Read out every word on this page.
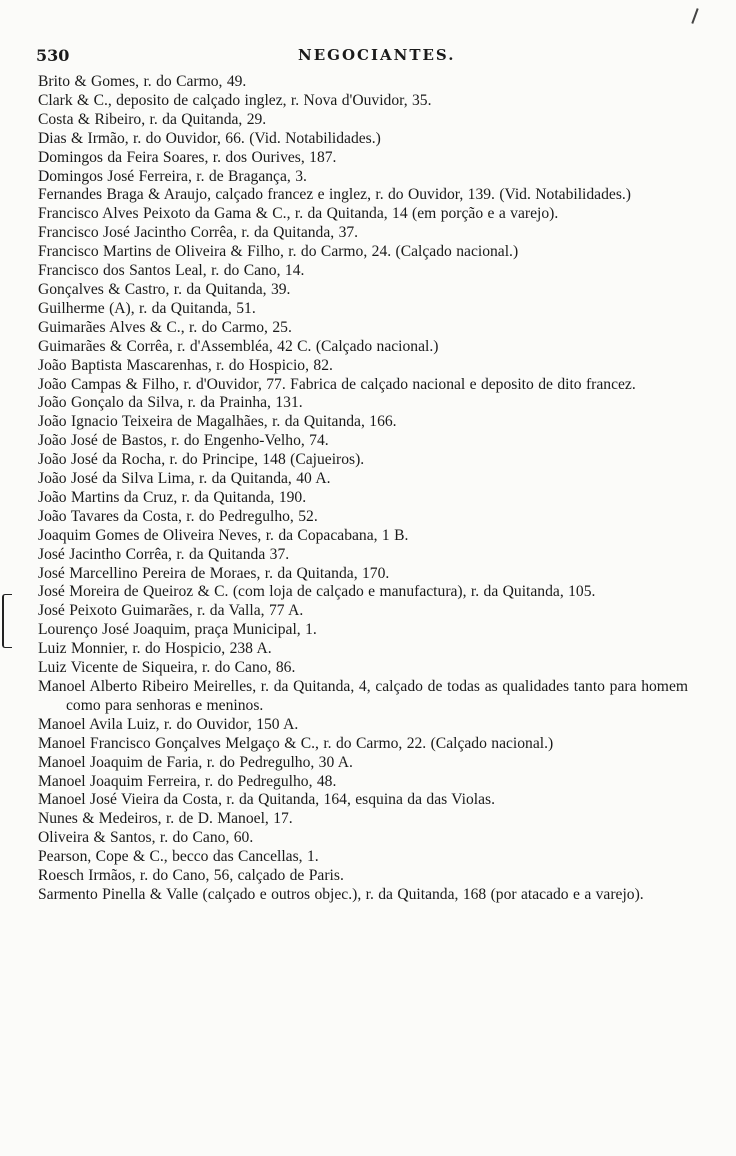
530	NEGOCIANTES.

Brito & Gomes, r. do Carmo, 49.

Clark & C., deposito de calçado inglez, r. Nova d'Ouvidor, 35.

Costa & Ribeiro, r. da Quitanda, 29.

Dias & Irmão, r. do Ouvidor, 66. (Vid. Notabilidades.)

Domingos da Feira Soares, r. dos Ourives, 187.

Domingos José Ferreira, r. de Bragança, 3.

Fernandes Braga & Araujo, calçado francez e inglez, r. do Ouvidor, 139. (Vid. Notabilidades.)

Francisco Alves Peixoto da Gama & C., r. da Quitanda, 14 (em porção e a varejo).

Francisco José Jacintho Corrêa, r. da Quitanda, 37.

Francisco Martins de Oliveira & Filho, r. do Carmo, 24. (Calçado nacional.)

Francisco dos Santos Leal, r. do Cano, 14.

Gonçalves & Castro, r. da Quitanda, 39.

Guilherme (A), r. da Quitanda, 51.

Guimarães Alves & C., r. do Carmo, 25.

Guimarães & Corrêa, r. d'Assembléa, 42 C. (Calçado nacional.)

João Baptista Mascarenhas, r. do Hospicio, 82.

João Campas & Filho, r. d'Ouvidor, 77. Fabrica de calçado nacional e deposito de dito francez.

João Gonçalo da Silva, r. da Prainha, 131.

João Ignacio Teixeira de Magalhães, r. da Quitanda, 166.

João José de Bastos, r. do Engenho-Velho, 74.

João José da Rocha, r. do Principe, 148 (Cajueiros).

João José da Silva Lima, r. da Quitanda, 40 A.

João Martins da Cruz, r. da Quitanda, 190.

João Tavares da Costa, r. do Pedregulho, 52.

Joaquim Gomes de Oliveira Neves, r. da Copacabana, 1 B.

José Jacintho Corrêa, r. da Quitanda 37.

José Marcellino Pereira de Moraes, r. da Quitanda, 170.

José Moreira de Queiroz & C. (com loja de calçado e manufactura), r. da Quitanda, 105.

José Peixoto Guimarães, r. da Valla, 77 A.

Lourenço José Joaquim, praça Municipal, 1.

Luiz Monnier, r. do Hospicio, 238 A.

Luiz Vicente de Siqueira, r. do Cano, 86.

Manoel Alberto Ribeiro Meirelles, r. da Quitanda, 4, calçado de todas as qualidades tanto para homem como para senhoras e meninos.

Manoel Avila Luiz, r. do Ouvidor, 150 A.

Manoel Francisco Gonçalves Melgaço & C., r. do Carmo, 22. (Calçado nacional.)

Manoel Joaquim de Faria, r. do Pedregulho, 30 A.

Manoel Joaquim Ferreira, r. do Pedregulho, 48.

Manoel José Vieira da Costa, r. da Quitanda, 164, esquina da das Violas.

Nunes & Medeiros, r. de D. Manoel, 17.

Oliveira & Santos, r. do Cano, 60.

Pearson, Cope & C., becco das Cancellas, 1.

Roesch Irmãos, r. do Cano, 56, calçado de Paris.

Sarmento Pinella & Valle (calçado e outros objec.), r. da Quitanda, 168 (por atacado e a varejo).
